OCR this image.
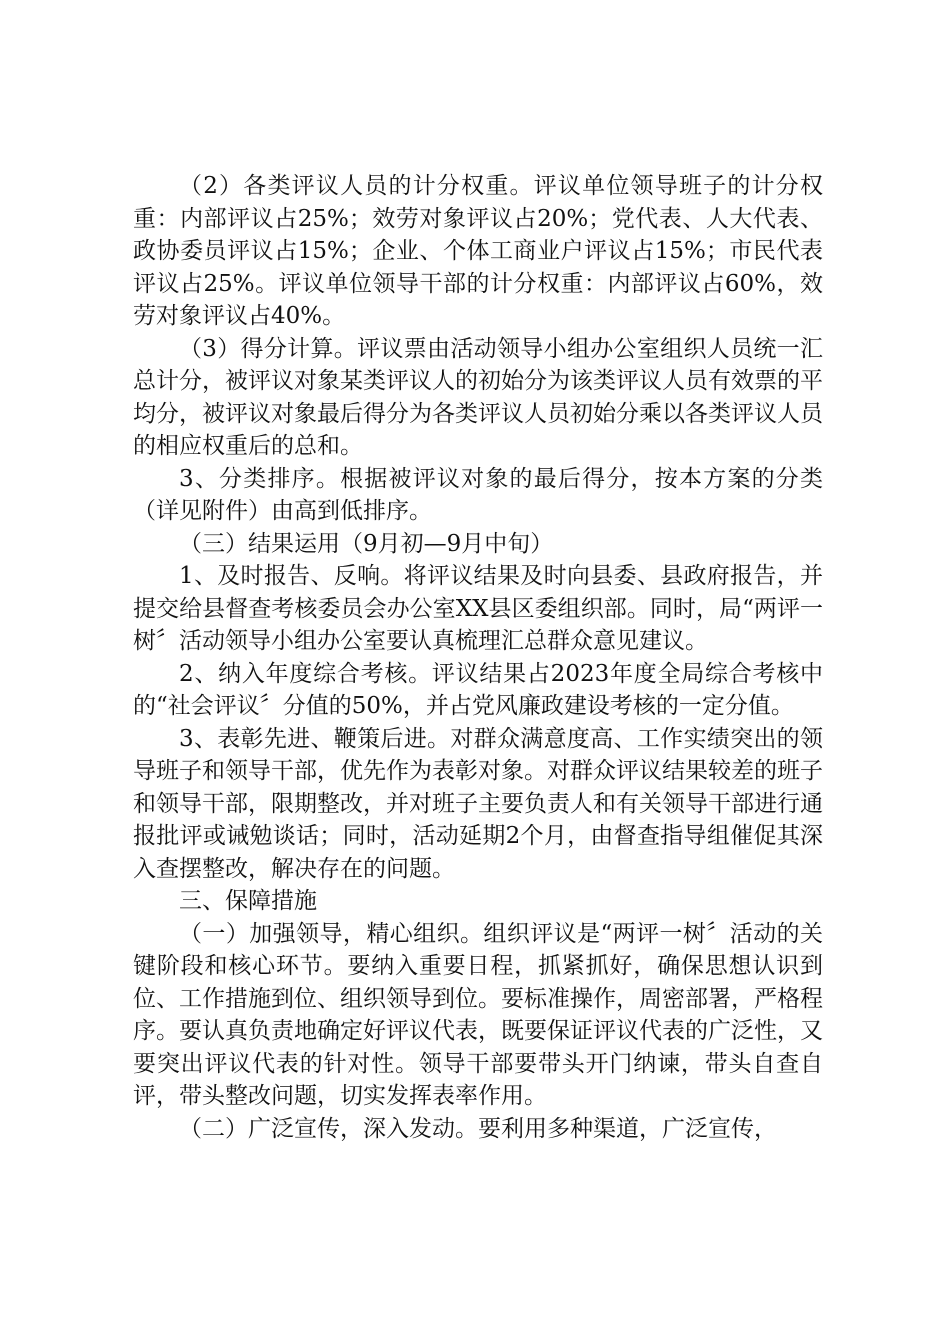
（2）各类评议人员的计分权重。评议单位领导班子的计分权重：内部评议占25%；效劳对象评议占20%；党代表、人大代表、政协委员评议占15%；企业、个体工商业户评议占15%；市民代表评议占25%。评议单位领导干部的计分权重：内部评议占60%，效劳对象评议占40%。

（3）得分计算。评议票由活动领导小组办公室组织人员统一汇总计分，被评议对象某类评议人的初始分为该类评议人员有效票的平均分，被评议对象最后得分为各类评议人员初始分乘以各类评议人员的相应权重后的总和。

3、分类排序。根据被评议对象的最后得分，按本方案的分类（详见附件）由高到低排序。

（三）结果运用（9月初—9月中旬）

1、及时报告、反响。将评议结果及时向县委、县政府报告，并提交给县督查考核委员会办公室XX县区委组织部。同时，局“两评一树〞活动领导小组办公室要认真梳理汇总群众意见建议。

2、纳入年度综合考核。评议结果占2023年度全局综合考核中的“社会评议〞分值的50%，并占党风廉政建设考核的一定分值。

3、表彰先进、鞭策后进。对群众满意度高、工作实绩突出的领导班子和领导干部，优先作为表彰对象。对群众评议结果较差的班子和领导干部，限期整改，并对班子主要负责人和有关领导干部进行通报批评或诫勉谈话；同时，活动延期2个月，由督查指导组催促其深入查摆整改，解决存在的问题。

三、保障措施

（一）加强领导，精心组织。组织评议是“两评一树〞活动的关键阶段和核心环节。要纳入重要日程，抓紧抓好，确保思想认识到位、工作措施到位、组织领导到位。要标准操作，周密部署，严格程序。要认真负责地确定好评议代表，既要保证评议代表的广泛性，又要突出评议代表的针对性。领导干部要带头开门纳谏，带头自查自评，带头整改问题，切实发挥表率作用。

（二）广泛宣传，深入发动。要利用多种渠道，广泛宣传，
